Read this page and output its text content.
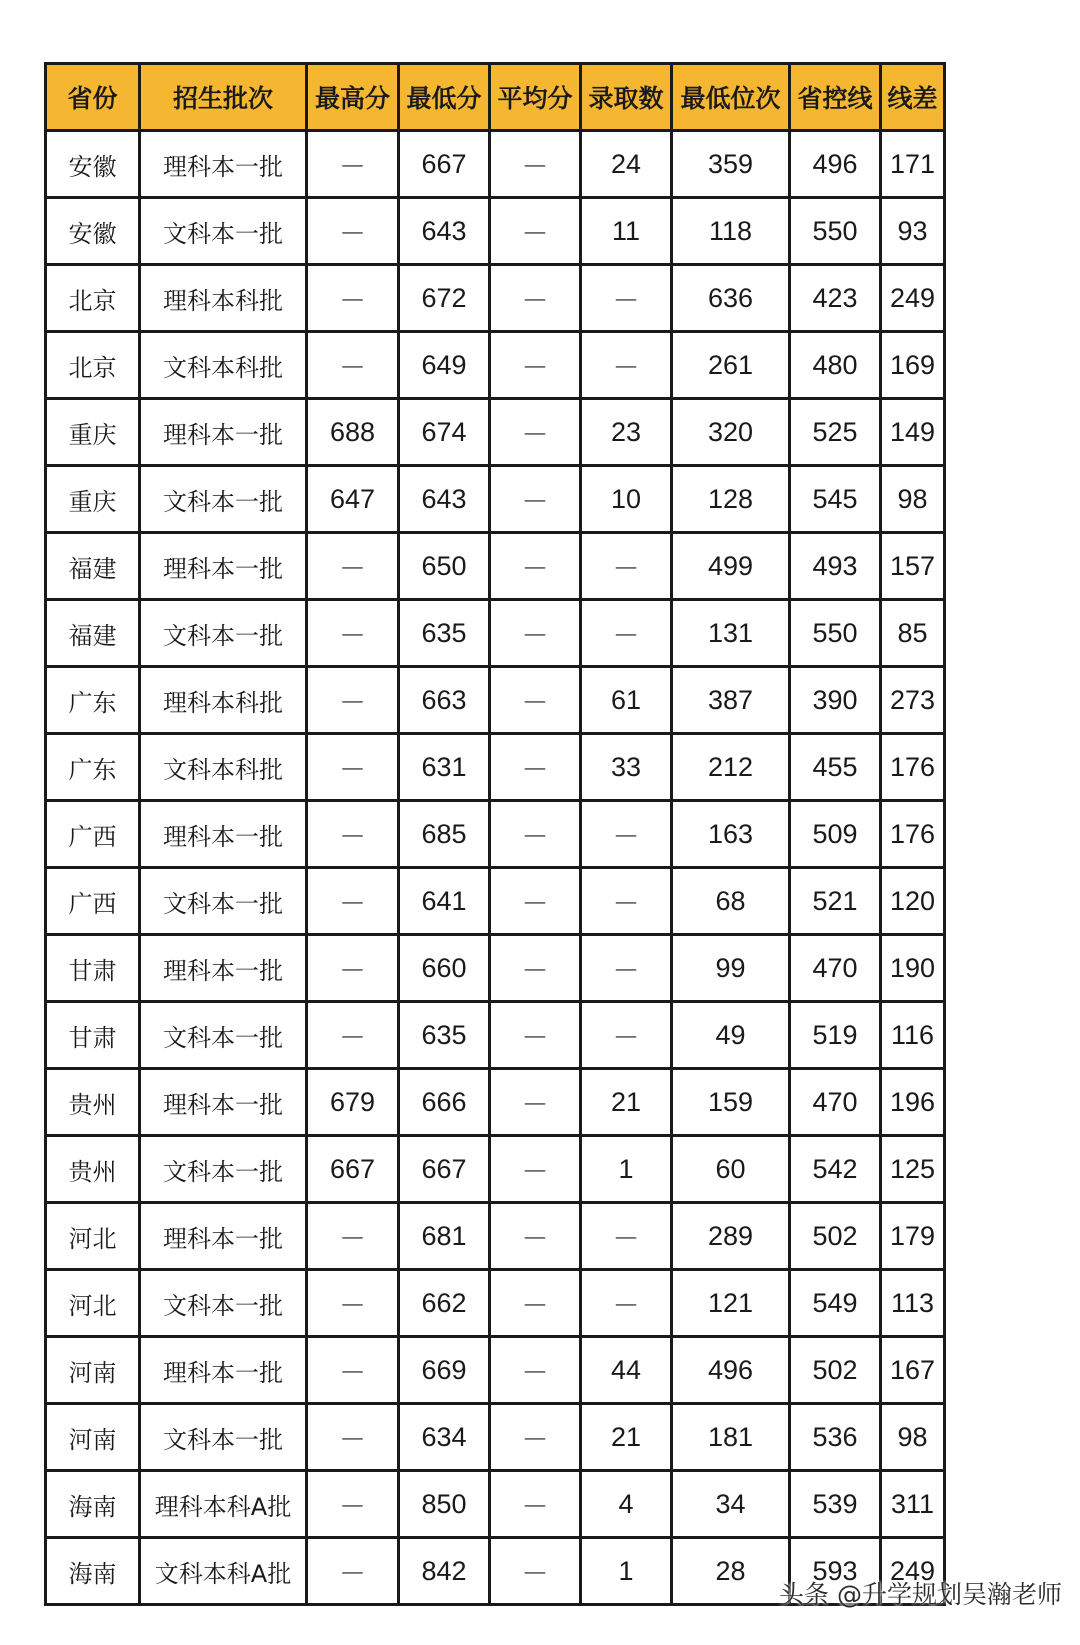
省份	招生批次	最高分	最低分	平均分	录取数	最低位次	省控线	线差
安徽	理科本一批	－	667	－	24	359	496	171
安徽	文科本一批	－	643	－	11	118	550	93
北京	理科本科批	－	672	－	－	636	423	249
北京	文科本科批	－	649	－	－	261	480	169
重庆	理科本一批	688	674	－	23	320	525	149
重庆	文科本一批	647	643	－	10	128	545	98
福建	理科本一批	－	650	－	－	499	493	157
福建	文科本一批	－	635	－	－	131	550	85
广东	理科本科批	－	663	－	61	387	390	273
广东	文科本科批	－	631	－	33	212	455	176
广西	理科本一批	－	685	－	－	163	509	176
广西	文科本一批	－	641	－	－	68	521	120
甘肃	理科本一批	－	660	－	－	99	470	190
甘肃	文科本一批	－	635	－	－	49	519	116
贵州	理科本一批	679	666	－	21	159	470	196
贵州	文科本一批	667	667	－	1	60	542	125
河北	理科本一批	－	681	－	－	289	502	179
河北	文科本一批	－	662	－	－	121	549	113
河南	理科本一批	－	669	－	44	496	502	167
河南	文科本一批	－	634	－	21	181	536	98
海南	理科本科A批	－	850	－	4	34	539	311
海南	文科本科A批	－	842	－	1	28	593	249
头条 @升学规划吴瀚老师
